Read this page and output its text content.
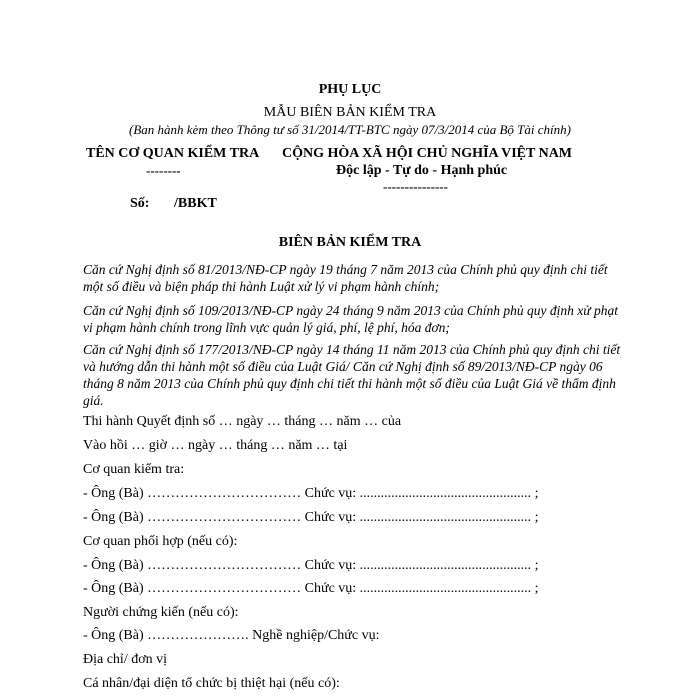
PHỤ LỤC
MẪU BIÊN BẢN KIỂM TRA
(Ban hành kèm theo Thông tư số 31/2014/TT-BTC ngày 07/3/2014 của Bộ Tài chính)
TÊN CƠ QUAN KIỂM TRA
--------
CỘNG HÒA XÃ HỘI CHỦ NGHĨA VIỆT NAM
Độc lập - Tự do - Hạnh phúc
---------------
Số: /BBKT
BIÊN BẢN KIỂM TRA
Căn cứ Nghị định số 81/2013/NĐ-CP ngày 19 tháng 7 năm 2013 của Chính phủ quy định chi tiết một số điều và biện pháp thi hành Luật xử lý vi phạm hành chính;
Căn cứ Nghị định số 109/2013/NĐ-CP ngày 24 tháng 9 năm 2013 của Chính phủ quy định xử phạt vi phạm hành chính trong lĩnh vực quản lý giá, phí, lệ phí, hóa đơn;
Căn cứ Nghị định số 177/2013/NĐ-CP ngày 14 tháng 11 năm 2013 của Chính phủ quy định chi tiết và hướng dẫn thi hành một số điều của Luật Giá/ Căn cứ Nghị định số 89/2013/NĐ-CP ngày 06 tháng 8 năm 2013 của Chính phủ quy định chi tiết thi hành một số điều của Luật Giá về thẩm định giá.
Thi hành Quyết định số … ngày … tháng … năm … của
Vào hồi … giờ … ngày … tháng … năm … tại
Cơ quan kiểm tra:
- Ông (Bà) …………………………… Chức vụ: ................................................. ;
- Ông (Bà) …………………………… Chức vụ: ................................................. ;
Cơ quan phối hợp (nếu có):
- Ông (Bà) …………………………… Chức vụ: ................................................. ;
- Ông (Bà) …………………………… Chức vụ: ................................................. ;
Người chứng kiến (nếu có):
- Ông (Bà) …………………. Nghề nghiệp/Chức vụ:
Địa chỉ/ đơn vị
Cá nhân/đại diện tổ chức bị thiệt hại (nếu có):
